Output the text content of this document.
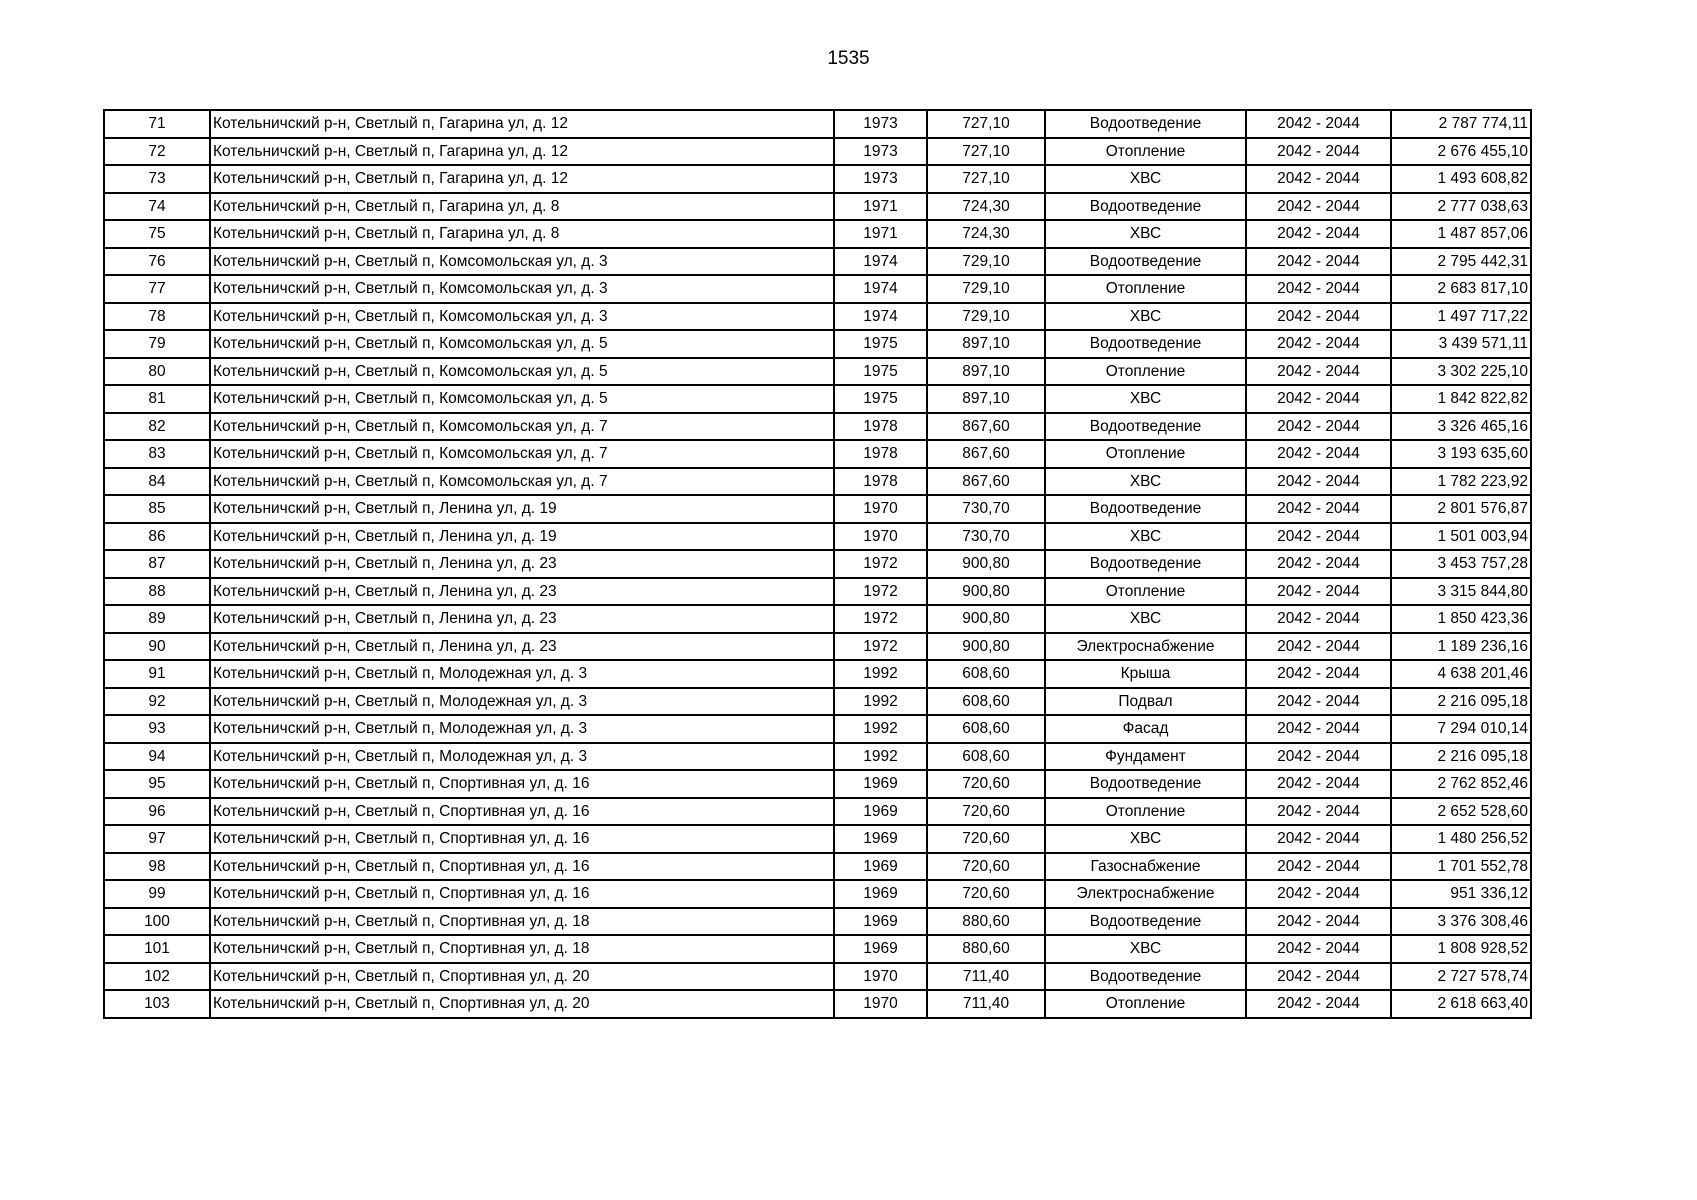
1535
71	Котельничский р-н, Светлый п, Гагарина ул, д. 12	1973	727,10	Водоотведение	2042 - 2044	2 787 774,11
72	Котельничский р-н, Светлый п, Гагарина ул, д. 12	1973	727,10	Отопление	2042 - 2044	2 676 455,10
73	Котельничский р-н, Светлый п, Гагарина ул, д. 12	1973	727,10	ХВС	2042 - 2044	1 493 608,82
74	Котельничский р-н, Светлый п, Гагарина ул, д. 8	1971	724,30	Водоотведение	2042 - 2044	2 777 038,63
75	Котельничский р-н, Светлый п, Гагарина ул, д. 8	1971	724,30	ХВС	2042 - 2044	1 487 857,06
76	Котельничский р-н, Светлый п, Комсомольская ул, д. 3	1974	729,10	Водоотведение	2042 - 2044	2 795 442,31
77	Котельничский р-н, Светлый п, Комсомольская ул, д. 3	1974	729,10	Отопление	2042 - 2044	2 683 817,10
78	Котельничский р-н, Светлый п, Комсомольская ул, д. 3	1974	729,10	ХВС	2042 - 2044	1 497 717,22
79	Котельничский р-н, Светлый п, Комсомольская ул, д. 5	1975	897,10	Водоотведение	2042 - 2044	3 439 571,11
80	Котельничский р-н, Светлый п, Комсомольская ул, д. 5	1975	897,10	Отопление	2042 - 2044	3 302 225,10
81	Котельничский р-н, Светлый п, Комсомольская ул, д. 5	1975	897,10	ХВС	2042 - 2044	1 842 822,82
82	Котельничский р-н, Светлый п, Комсомольская ул, д. 7	1978	867,60	Водоотведение	2042 - 2044	3 326 465,16
83	Котельничский р-н, Светлый п, Комсомольская ул, д. 7	1978	867,60	Отопление	2042 - 2044	3 193 635,60
84	Котельничский р-н, Светлый п, Комсомольская ул, д. 7	1978	867,60	ХВС	2042 - 2044	1 782 223,92
85	Котельничский р-н, Светлый п, Ленина ул, д. 19	1970	730,70	Водоотведение	2042 - 2044	2 801 576,87
86	Котельничский р-н, Светлый п, Ленина ул, д. 19	1970	730,70	ХВС	2042 - 2044	1 501 003,94
87	Котельничский р-н, Светлый п, Ленина ул, д. 23	1972	900,80	Водоотведение	2042 - 2044	3 453 757,28
88	Котельничский р-н, Светлый п, Ленина ул, д. 23	1972	900,80	Отопление	2042 - 2044	3 315 844,80
89	Котельничский р-н, Светлый п, Ленина ул, д. 23	1972	900,80	ХВС	2042 - 2044	1 850 423,36
90	Котельничский р-н, Светлый п, Ленина ул, д. 23	1972	900,80	Электроснабжение	2042 - 2044	1 189 236,16
91	Котельничский р-н, Светлый п, Молодежная ул, д. 3	1992	608,60	Крыша	2042 - 2044	4 638 201,46
92	Котельничский р-н, Светлый п, Молодежная ул, д. 3	1992	608,60	Подвал	2042 - 2044	2 216 095,18
93	Котельничский р-н, Светлый п, Молодежная ул, д. 3	1992	608,60	Фасад	2042 - 2044	7 294 010,14
94	Котельничский р-н, Светлый п, Молодежная ул, д. 3	1992	608,60	Фундамент	2042 - 2044	2 216 095,18
95	Котельничский р-н, Светлый п, Спортивная ул, д. 16	1969	720,60	Водоотведение	2042 - 2044	2 762 852,46
96	Котельничский р-н, Светлый п, Спортивная ул, д. 16	1969	720,60	Отопление	2042 - 2044	2 652 528,60
97	Котельничский р-н, Светлый п, Спортивная ул, д. 16	1969	720,60	ХВС	2042 - 2044	1 480 256,52
98	Котельничский р-н, Светлый п, Спортивная ул, д. 16	1969	720,60	Газоснабжение	2042 - 2044	1 701 552,78
99	Котельничский р-н, Светлый п, Спортивная ул, д. 16	1969	720,60	Электроснабжение	2042 - 2044	951 336,12
100	Котельничский р-н, Светлый п, Спортивная ул, д. 18	1969	880,60	Водоотведение	2042 - 2044	3 376 308,46
101	Котельничский р-н, Светлый п, Спортивная ул, д. 18	1969	880,60	ХВС	2042 - 2044	1 808 928,52
102	Котельничский р-н, Светлый п, Спортивная ул, д. 20	1970	711,40	Водоотведение	2042 - 2044	2 727 578,74
103	Котельничский р-н, Светлый п, Спортивная ул, д. 20	1970	711,40	Отопление	2042 - 2044	2 618 663,40
